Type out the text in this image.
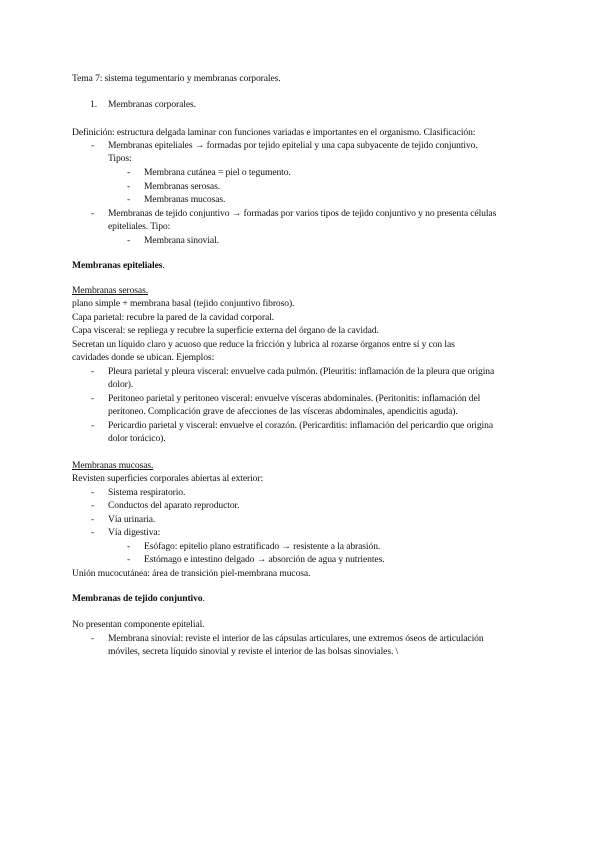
Tema 7: sistema tegumentario y membranas corporales.
1. Membranas corporales.
Definición: estructura delgada laminar con funciones variadas e importantes en el organismo. Clasificación:
- Membranas epiteliales → formadas por tejido epitelial y una capa subyacente de tejido conjuntivo.
Tipos:
- Membrana cutánea = piel o tegumento.
- Membranas serosas.
- Membranas mucosas.
- Membranas de tejido conjuntivo → formadas por varios tipos de tejido conjuntivo y no presenta células
epiteliales. Tipo:
- Membrana sinovial.
Membranas epiteliales.
Membranas serosas.
plano simple + membrana basal (tejido conjuntivo fibroso).
Capa parietal: recubre la pared de la cavidad corporal.
Capa visceral: se repliega y recubre la superficie externa del órgano de la cavidad.
Secretan un líquido claro y acuoso que reduce la fricción y lubrica al rozarse órganos entre sí y con las
cavidades donde se ubican. Ejemplos:
- Pleura parietal y pleura visceral: envuelve cada pulmón. (Pleuritis: inflamación de la pleura que origina
dolor).
- Peritoneo parietal y peritoneo visceral: envuelve vísceras abdominales. (Peritonitis: inflamación del
peritoneo. Complicación grave de afecciones de las vísceras abdominales, apendicitis aguda).
- Pericardio parietal y visceral: envuelve el corazón. (Pericarditis: inflamación del pericardio que origina
dolor torácico).
Membranas mucosas.
Revisten superficies corporales abiertas al exterior:
- Sistema respiratorio.
- Conductos del aparato reproductor.
- Vía urinaria.
- Vía digestiva:
- Esófago: epitelio plano estratificado → resistente a la abrasión.
- Estómago e intestino delgado → absorción de agua y nutrientes.
Unión mucocutánea: área de transición piel-membrana mucosa.
Membranas de tejido conjuntivo.
No presentan componente epitelial.
- Membrana sinovial: reviste el interior de las cápsulas articulares, une extremos óseos de articulación
móviles, secreta líquido sinovial y reviste el interior de las bolsas sinoviales. \
